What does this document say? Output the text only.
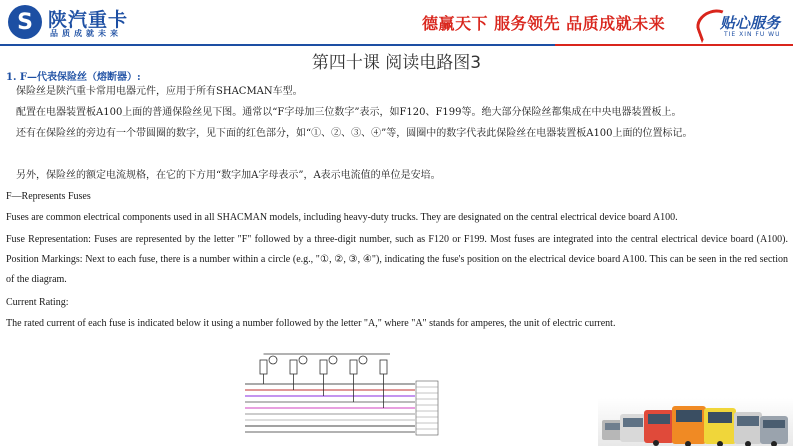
S 陕汽重卡
品质成就未来
德赢天下 服务领先 品质成就未来	贴心服务
TIE XIN FU WU
第四十课 阅读电路图3
1. F—代表保险丝（熔断器）:
保险丝是陕汽重卡常用电器元件，应用于所有SHACMAN车型。
配置在电器装置板A100上面的普通保险丝见下图。通常以“F字母加三位数字”表示，如F120、F199等。绝大部分保险丝都集成在中央电器装置板上。
还有在保险丝的旁边有一个带圆圈的数字，见下面的红色部分，如“①、②、③、④”等，圆圈中的数字代表此保险丝在电器装置板A100上面的位置标记。
另外，保险丝的额定电流规格，在它的下方用“数字加A字母表示”，A表示电流值的单位是安培。
F—Represents Fuses
Fuses are common electrical components used in all SHACMAN models, including heavy-duty trucks. They are designated on the central electrical device board A100.
Fuse Representation: Fuses are represented by the letter "F" followed by a three-digit number, such as F120 or F199. Most fuses are integrated into the central electrical device board (A100). Position Markings: Next to each fuse, there is a number within a circle (e.g., "①, ②, ③, ④"), indicating the fuse's position on the electrical device board A100. This can be seen in the red section of the diagram.
Current Rating:
The rated current of each fuse is indicated below it using a number followed by the letter "A," where "A" stands for amperes, the unit of electric current.
